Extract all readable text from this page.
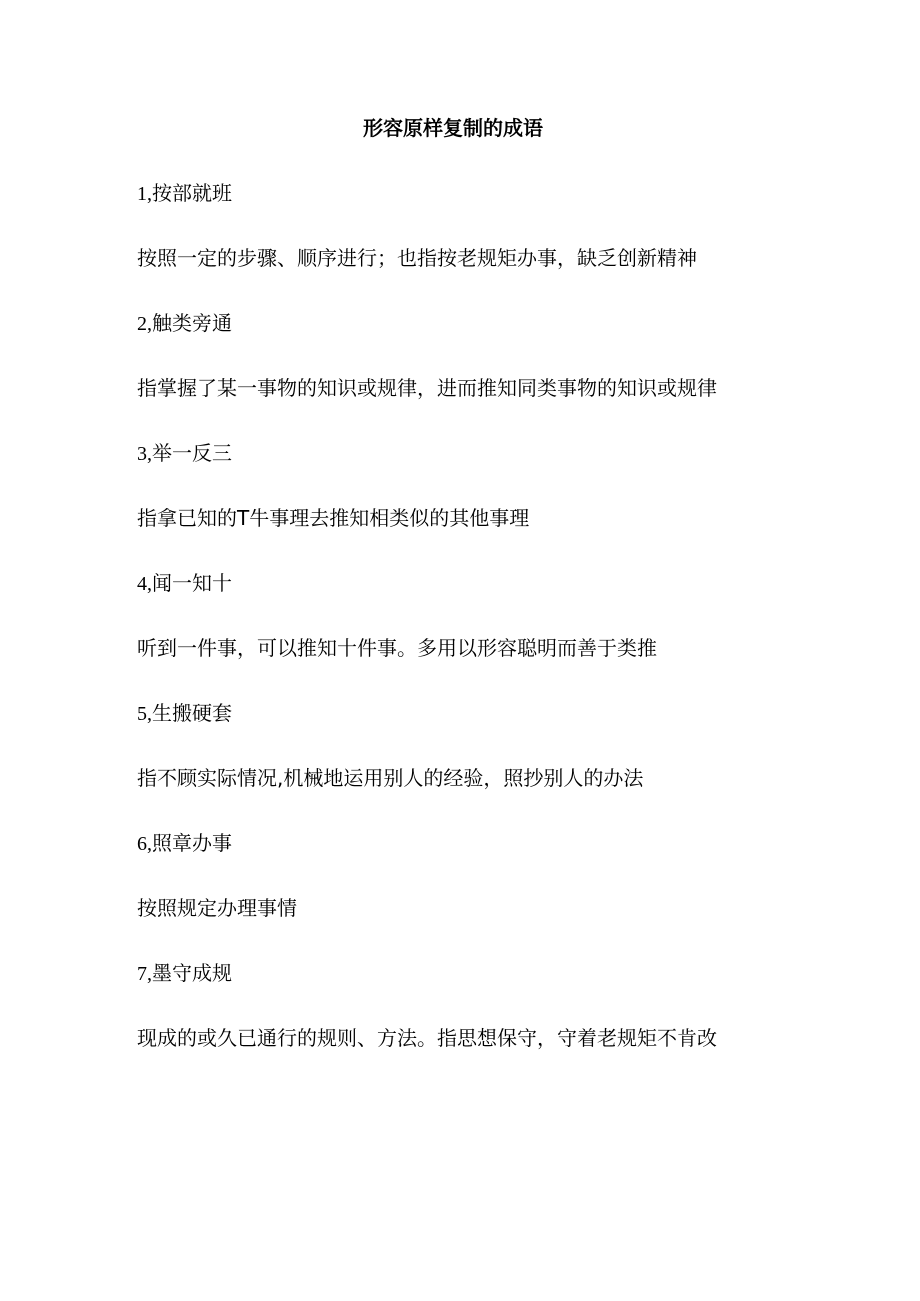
形容原样复制的成语
1,按部就班
按照一定的步骤、顺序进行；也指按老规矩办事，缺乏创新精神
2,触类旁通
指掌握了某一事物的知识或规律，进而推知同类事物的知识或规律
3,举一反三
指拿已知的T牛事理去推知相类似的其他事理
4,闻一知十
听到一件事，可以推知十件事。多用以形容聪明而善于类推
5,生搬硬套
指不顾实际情况,机械地运用别人的经验，照抄别人的办法
6,照章办事
按照规定办理事情
7,墨守成规
现成的或久已通行的规则、方法。指思想保守，守着老规矩不肯改
